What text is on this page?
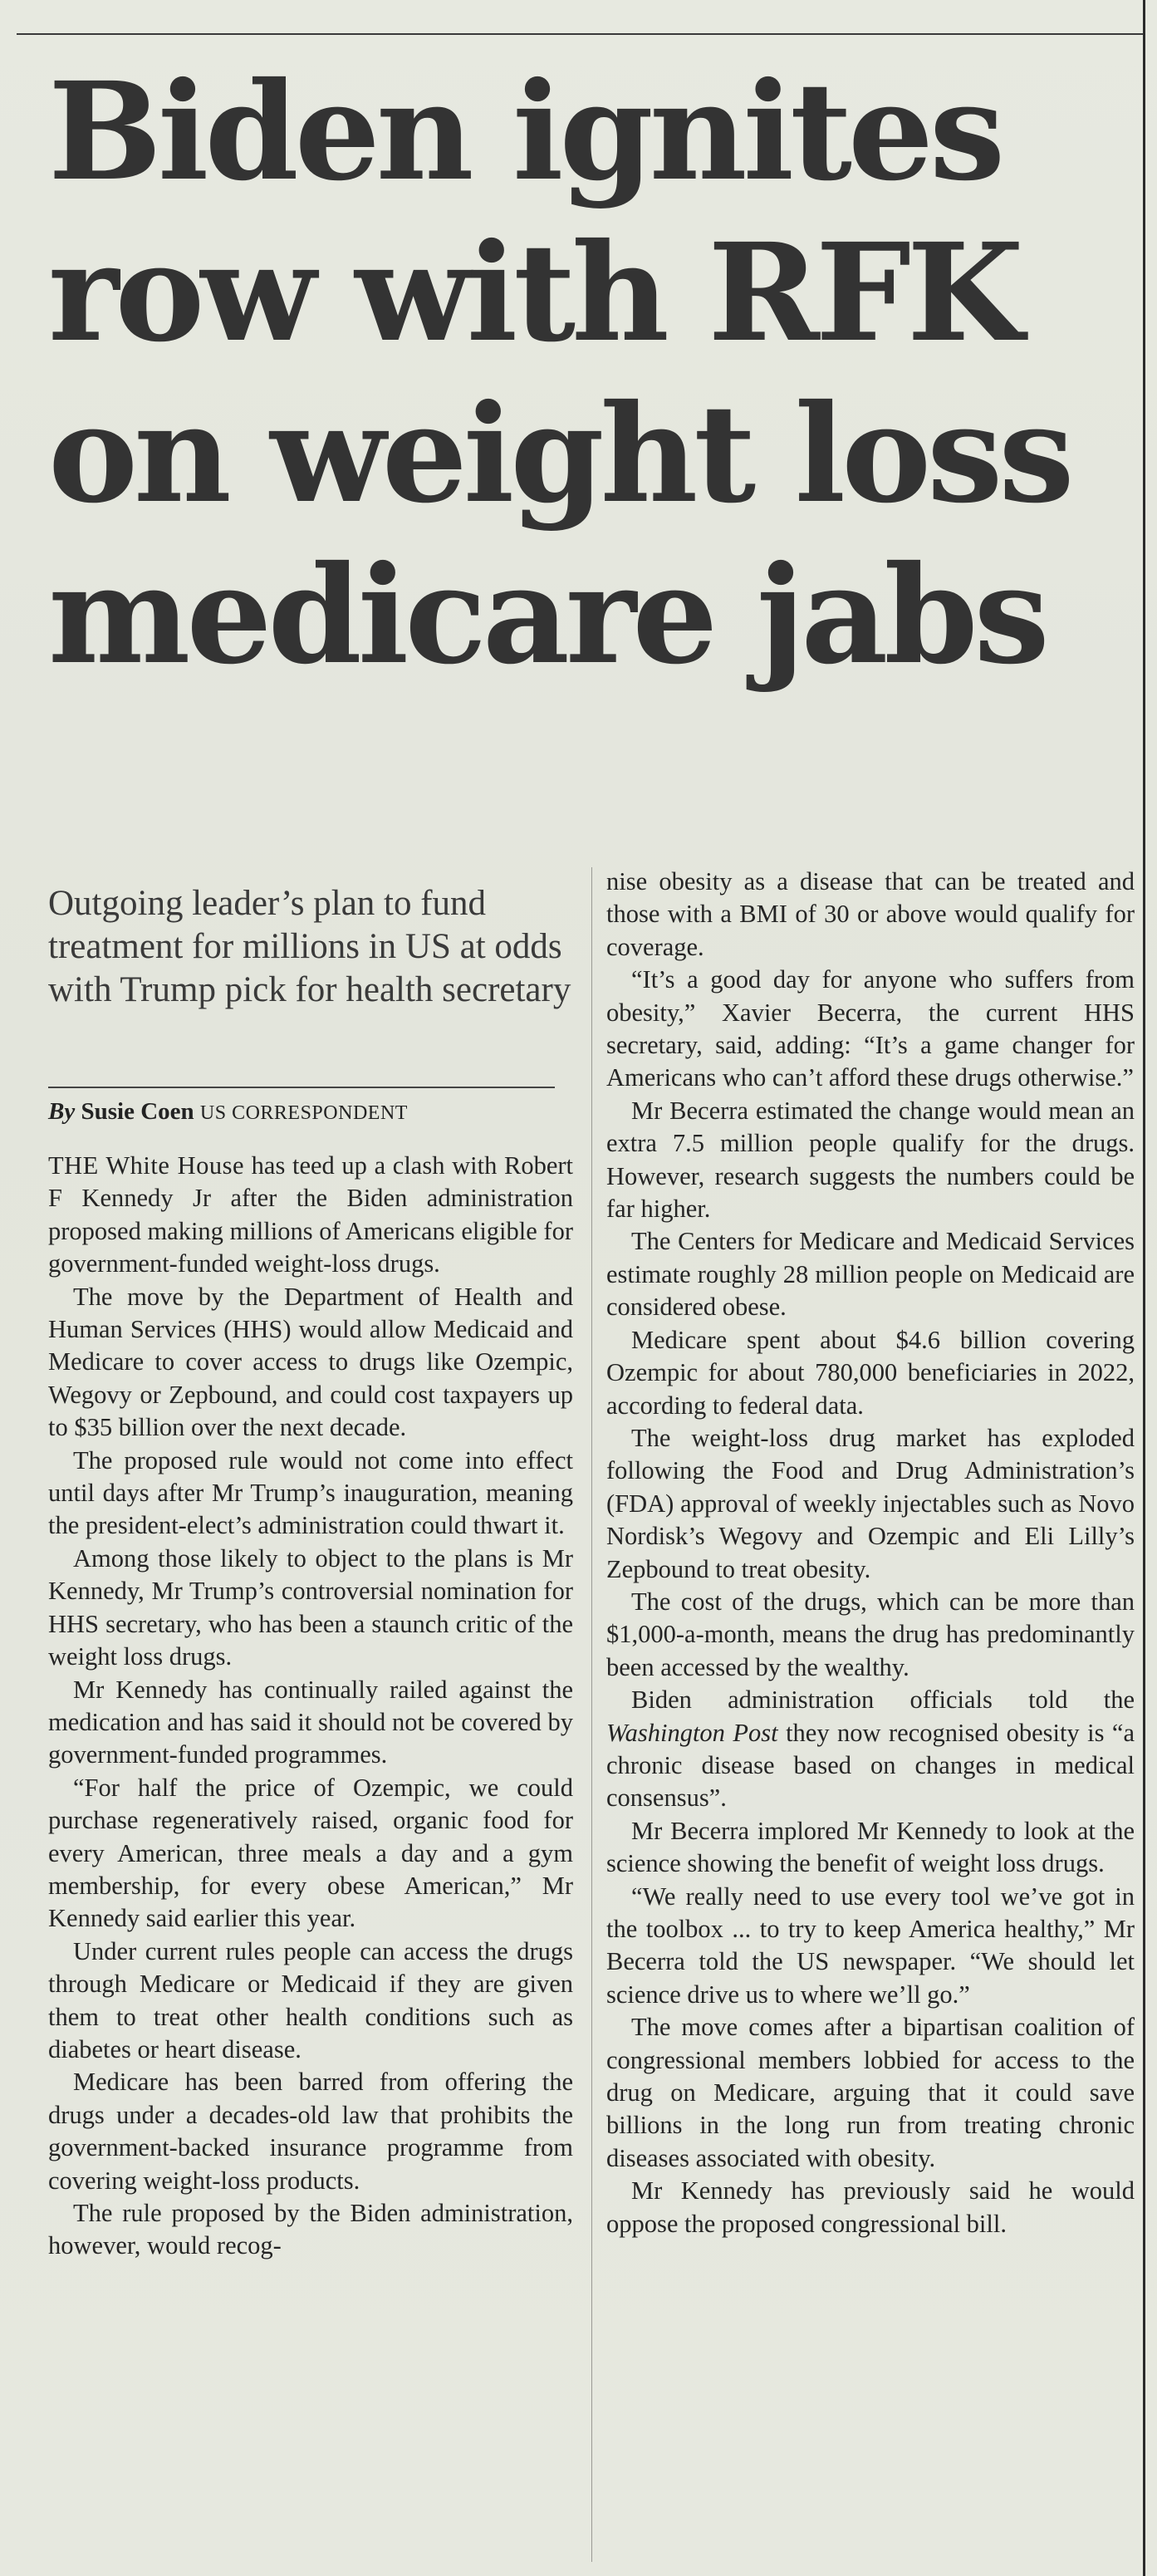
Biden ignites
row with RFK
on weight loss
medicare jabs

Outgoing leader’s plan to fund treatment for millions in US at odds with Trump pick for health secretary

By Susie Coen US CORRESPONDENT

THE White House has teed up a clash with Robert F Kennedy Jr after the Biden administration proposed making millions of Americans eligible for government-funded weight-loss drugs.

The move by the Department of Health and Human Services (HHS) would allow Medicaid and Medicare to cover access to drugs like Ozempic, Wegovy or Zepbound, and could cost taxpayers up to $35 billion over the next decade.

The proposed rule would not come into effect until days after Mr Trump’s inauguration, meaning the president-elect’s administration could thwart it.

Among those likely to object to the plans is Mr Kennedy, Mr Trump’s controversial nomination for HHS secretary, who has been a staunch critic of the weight loss drugs.

Mr Kennedy has continually railed against the medication and has said it should not be covered by government-funded programmes.

“For half the price of Ozempic, we could purchase regeneratively raised, organic food for every American, three meals a day and a gym membership, for every obese American,” Mr Kennedy said earlier this year.

Under current rules people can access the drugs through Medicare or Medicaid if they are given them to treat other health conditions such as diabetes or heart disease.

Medicare has been barred from offering the drugs under a decades-old law that prohibits the government-backed insurance programme from covering weight-loss products.

The rule proposed by the Biden administration, however, would recog-

nise obesity as a disease that can be treated and those with a BMI of 30 or above would qualify for coverage.

“It’s a good day for anyone who suffers from obesity,” Xavier Becerra, the current HHS secretary, said, adding: “It’s a game changer for Americans who can’t afford these drugs otherwise.”

Mr Becerra estimated the change would mean an extra 7.5 million people qualify for the drugs. However, research suggests the numbers could be far higher.

The Centers for Medicare and Medicaid Services estimate roughly 28 million people on Medicaid are considered obese.

Medicare spent about $4.6 billion covering Ozempic for about 780,000 beneficiaries in 2022, according to federal data.

The weight-loss drug market has exploded following the Food and Drug Administration’s (FDA) approval of weekly injectables such as Novo Nordisk’s Wegovy and Ozempic and Eli Lilly’s Zepbound to treat obesity.

The cost of the drugs, which can be more than $1,000-a-month, means the drug has predominantly been accessed by the wealthy.

Biden administration officials told the Washington Post they now recognised obesity is “a chronic disease based on changes in medical consensus”.

Mr Becerra implored Mr Kennedy to look at the science showing the benefit of weight loss drugs.

“We really need to use every tool we’ve got in the toolbox ... to try to keep America healthy,” Mr Becerra told the US newspaper. “We should let science drive us to where we’ll go.”

The move comes after a bipartisan coalition of congressional members lobbied for access to the drug on Medicare, arguing that it could save billions in the long run from treating chronic diseases associated with obesity.

Mr Kennedy has previously said he would oppose the proposed congressional bill.
